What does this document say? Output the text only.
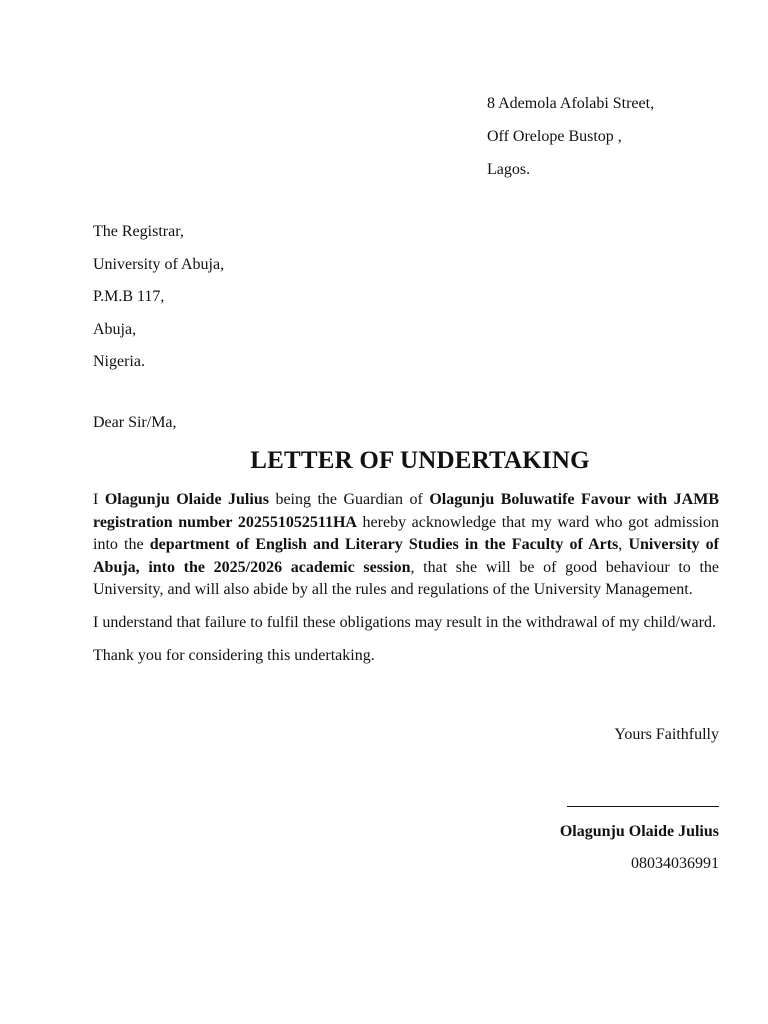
8 Ademola Afolabi Street,
Off Orelope Bustop ,
Lagos.
The Registrar,
University of Abuja,
P.M.B 117,
Abuja,
Nigeria.
Dear Sir/Ma,
LETTER OF UNDERTAKING

I Olagunju Olaide Julius being the Guardian of Olagunju Boluwatife Favour with JAMB registration number 202551052511HA hereby acknowledge that my ward who got admission into the department of English and Literary Studies in the Faculty of Arts, University of Abuja, into the 2025/2026 academic session, that she will be of good behaviour to the University, and will also abide by all the rules and regulations of the University Management.

I understand that failure to fulfil these obligations may result in the withdrawal of my child/ward.

Thank you for considering this undertaking.

Yours Faithfully
Olagunju Olaide Julius
08034036991
